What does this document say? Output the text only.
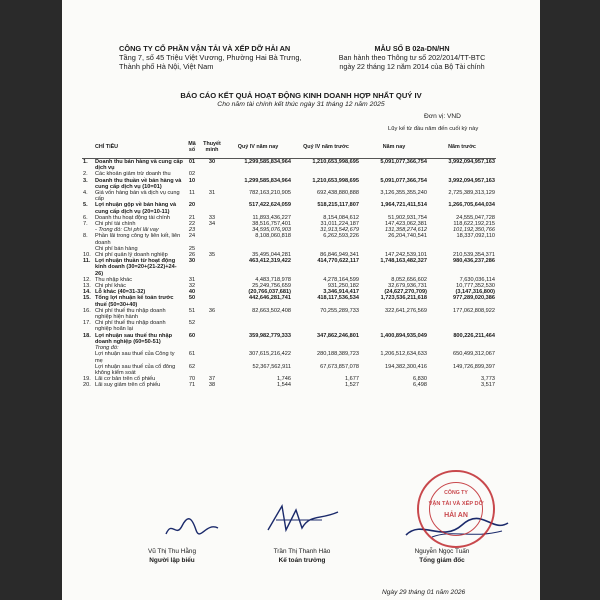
CÔNG TY CỔ PHẦN VẬN TẢI VÀ XẾP DỠ HẢI AN
Tầng 7, số 45 Triệu Việt Vương, Phường Hai Bà Trưng,
Thành phố Hà Nội, Việt Nam
MẪU SỐ B 02a-DN/HN
Ban hành theo Thông tư số 202/2014/TT-BTC
ngày 22 tháng 12 năm 2014 của Bộ Tài chính
BÁO CÁO KẾT QUẢ HOẠT ĐỘNG KINH DOANH HỢP NHẤT QUÝ IV
Cho năm tài chính kết thúc ngày 31 tháng 12 năm 2025
Đơn vị: VND
Lũy kế từ đầu năm đến cuối kỳ này
	CHỈ TIÊU	Mã số	Thuyết minh	Quý IV năm nay	Quý IV năm trước	Năm nay	Năm trước
1.	Doanh thu bán hàng và cung cấp dịch vụ	01	30	1,299,585,834,964	1,210,653,998,695	5,091,077,366,754	3,992,094,957,163
2.	Các khoản giảm trừ doanh thu	02					
3.	Doanh thu thuần về bán hàng và cung cấp dịch vụ (10=01)	10		1,299,585,834,964	1,210,653,998,695	5,091,077,366,754	3,992,094,957,163
4.	Giá vốn hàng bán và dịch vụ cung cấp	11	31	782,163,210,905	692,438,880,888	3,126,355,355,240	2,725,389,313,129
5.	Lợi nhuận gộp về bán hàng và cung cấp dịch vụ (20=10-11)	20		517,422,624,059	518,215,117,807	1,964,721,411,514	1,266,705,644,034
6.	Doanh thu hoạt động tài chính	21	33	11,893,436,227	8,154,084,612	51,902,931,754	24,555,047,728
7.	Chi phí tài chính	22	34	38,516,757,401	31,011,224,187	147,423,062,381	118,622,192,215
	- Trong đó: Chi phí lãi vay	23		34,595,076,903	31,913,542,679	131,358,274,612	101,192,350,766
8.	Phần lãi trong công ty liên kết, liên doanh	24		8,108,060,818	6,262,593,226	26,204,740,541	18,337,092,110
	Chi phí bán hàng	25					
10.	Chi phí quản lý doanh nghiệp	26	35	35,495,044,281	86,846,949,341	147,242,539,101	210,539,354,371
11.	Lợi nhuận thuần từ hoạt động kinh doanh (30=20+(21-22)+24-26)	30		463,412,319,422	414,770,622,117	1,748,163,482,327	980,436,237,286
12.	Thu nhập khác	31		4,483,718,978	4,278,164,599	8,052,656,602	7,630,036,114
13.	Chi phí khác	32		25,249,756,659	931,250,182	32,679,936,731	10,777,352,530
14.	Lỗ khác (40=31-32)	40		(20,766,037,681)	3,346,914,417	(24,627,270,709)	(3,147,316,800)
15.	Tổng lợi nhuận kế toán trước thuế (50=30+40)	50		442,646,281,741	418,117,536,534	1,723,536,211,618	977,289,020,386
16.	Chi phí thuế thu nhập doanh nghiệp hiện hành	51	36	82,663,502,408	70,255,289,733	322,641,276,569	177,062,808,922
17.	Chi phí thuế thu nhập doanh nghiệp hoãn lại	52					
18.	Lợi nhuận sau thuế thu nhập doanh nghiệp (60=50-51)	60		359,982,779,333	347,862,246,801	1,400,894,935,049	800,226,211,464
	Trong đó:						
	Lợi nhuận sau thuế của Công ty mẹ	61		307,615,216,422	280,188,389,723	1,206,512,634,633	650,499,312,067
	Lợi nhuận sau thuế của cổ đông không kiểm soát	62		52,367,562,911	67,673,857,078	194,382,300,416	149,726,899,397
19.	Lãi cơ bản trên cổ phiếu	70	37	1,746	1,677	6,830	3,773
20.	Lãi suy giảm trên cổ phiếu	71	38	1,544	1,527	6,498	3,517
CÔNG TY
VẬN TẢI VÀ XẾP DỠ
HẢI AN
Vũ Thị Thu Hằng
Người lập biểu
Trần Thị Thanh Hảo
Kế toán trưởng
Nguyễn Ngọc Tuấn
Tổng giám đốc
Ngày 29 tháng 01 năm 2026
